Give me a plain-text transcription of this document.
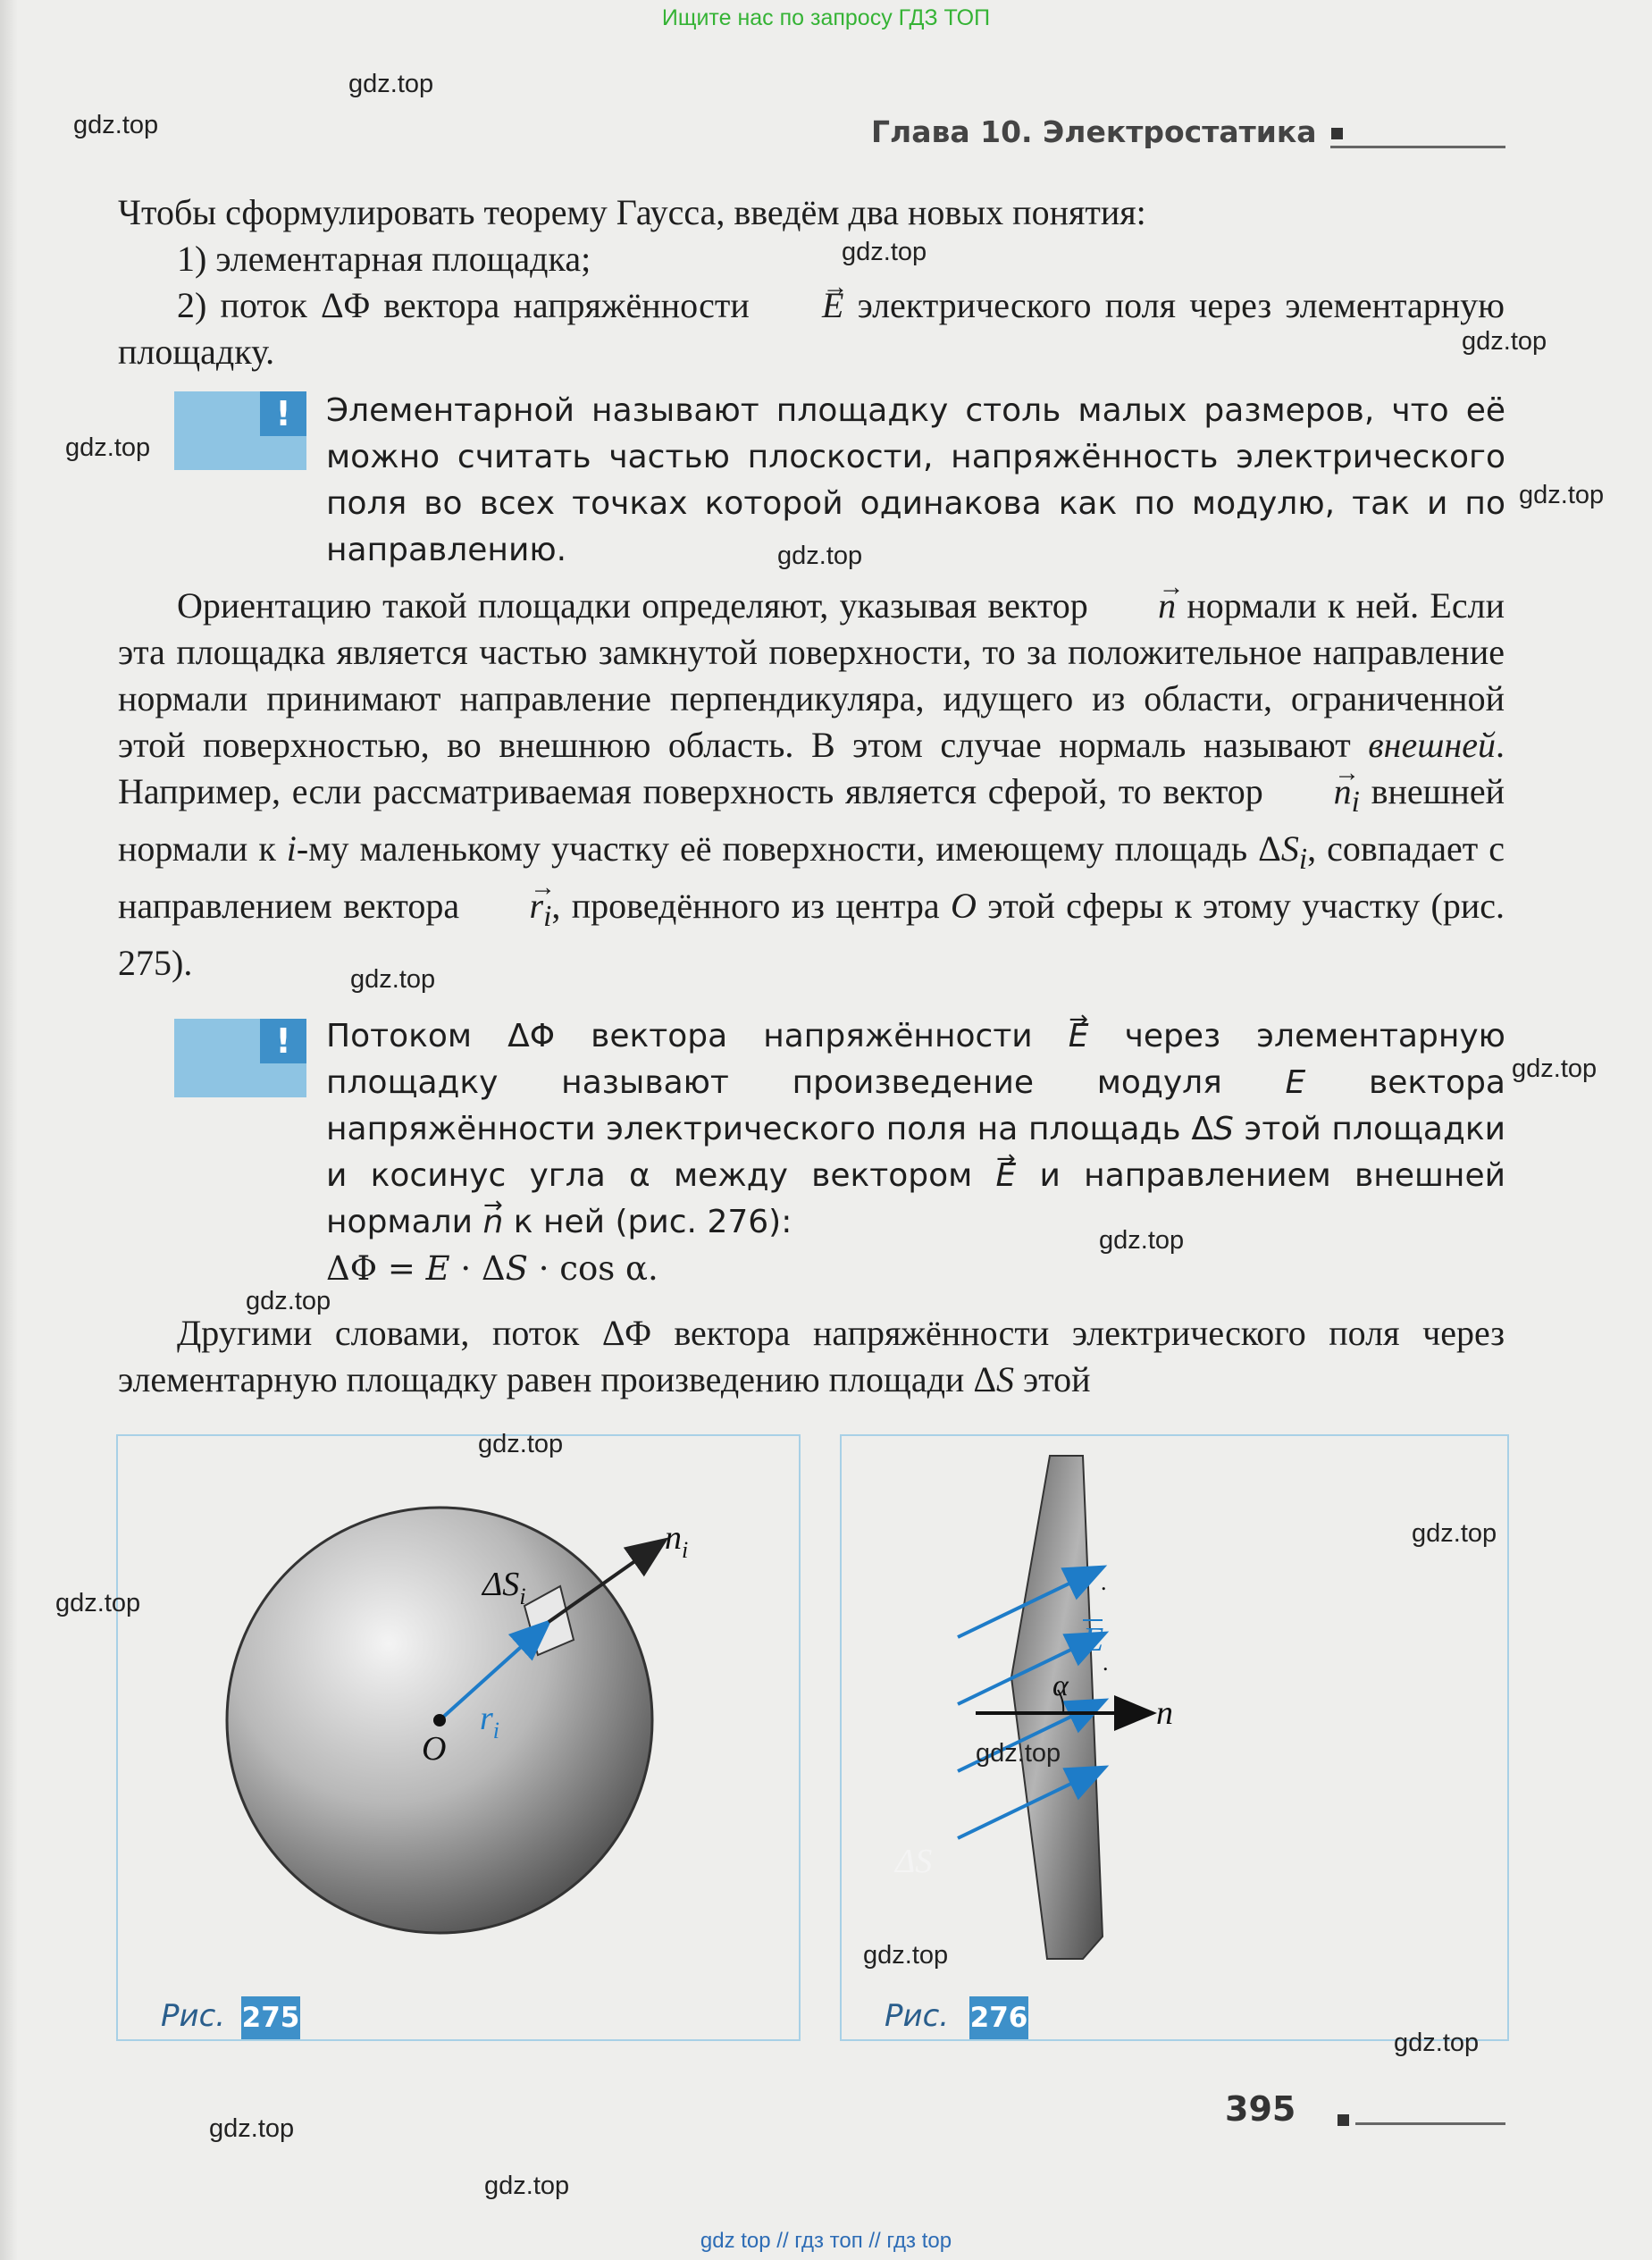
Ищите нас по запросу ГДЗ ТОП
Глава 10. Электростатика
Чтобы сформулировать теорему Гаусса, введём два новых понятия:
1) элементарная площадка;
2) поток ΔΦ вектора напряжённости → E электрического поля через элементарную площадку.
!	Элементарной называют площадку столь малых размеров, что её можно считать частью плоскости, напряжённость электрического поля во всех точках которой одинакова как по модулю, так и по направлению.
Ориентацию такой площадки определяют, указывая вектор → n нормали к ней. Если эта площадка является частью замкнутой поверхности, то за положительное направление нормали принимают направление перпендикуляра, идущего из области, ограниченной этой поверхностью, во внешнюю область. В этом случае нормаль называют внешней. Например, если рассматриваемая поверхность является сферой, то вектор → $n_i$ внешней нормали к i-му маленькому участку её поверхности, имеющему площадь $\Delta S_i$, совпадает с направлением вектора → $r_i$, проведённого из центра O этой сферы к этому участку (рис. 275).
!	Потоком ΔΦ вектора напряжённости → E через элементарную площадку называют произведение модуля E вектора напряжённости электрического поля на площадь ΔS этой площадки и косинус угла α между вектором → E и направлением внешней нормали → n к ней (рис. 276):
ΔΦ = E · ΔS · cos α.
Другими словами, поток ΔΦ вектора напряжённости электрического поля через элементарную площадку равен произведению площади ΔS этой
$\Delta S_i$
$n_i$
$r_i$
O
Рис. 275
E
α
n
.
.
ΔS
Рис. 276
395
gdz.top
gdz.top
gdz.top
gdz.top
gdz.top
gdz.top
gdz.top
gdz.top
gdz.top
gdz.top
gdz.top
gdz.top
gdz.top
gdz.top
gdz.top
gdz.top
gdz.top
gdz.top
gdz.top
gdz top // гдз топ // гдз top
